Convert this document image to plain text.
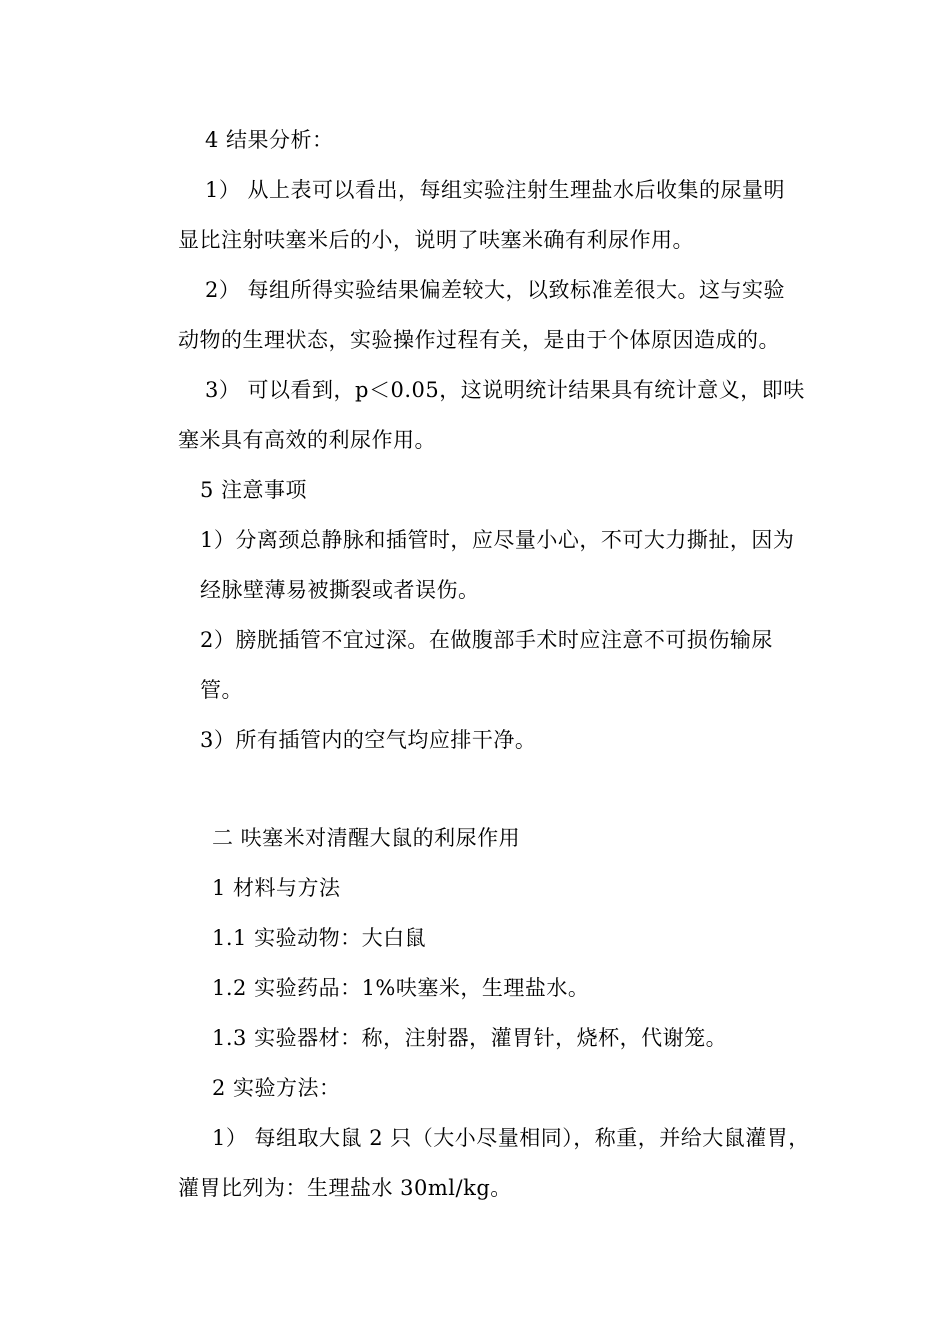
4 结果分析：
1） 从上表可以看出，每组实验注射生理盐水后收集的尿量明
显比注射呋塞米后的小，说明了呋塞米确有利尿作用。
2） 每组所得实验结果偏差较大，以致标准差很大。这与实验
动物的生理状态，实验操作过程有关，是由于个体原因造成的。
3） 可以看到，p＜0.05，这说明统计结果具有统计意义，即呋
塞米具有高效的利尿作用。
5 注意事项
1）分离颈总静脉和插管时，应尽量小心，不可大力撕扯，因为
经脉壁薄易被撕裂或者误伤。
2）膀胱插管不宜过深。在做腹部手术时应注意不可损伤输尿
管。
3）所有插管内的空气均应排干净。
二 呋塞米对清醒大鼠的利尿作用
1 材料与方法
1.1 实验动物：大白鼠
1.2 实验药品：1%呋塞米，生理盐水。
1.3 实验器材：称，注射器，灌胃针，烧杯，代谢笼。
2 实验方法：
1） 每组取大鼠 2 只（大小尽量相同），称重，并给大鼠灌胃，
灌胃比列为：生理盐水 30ml/kg。
